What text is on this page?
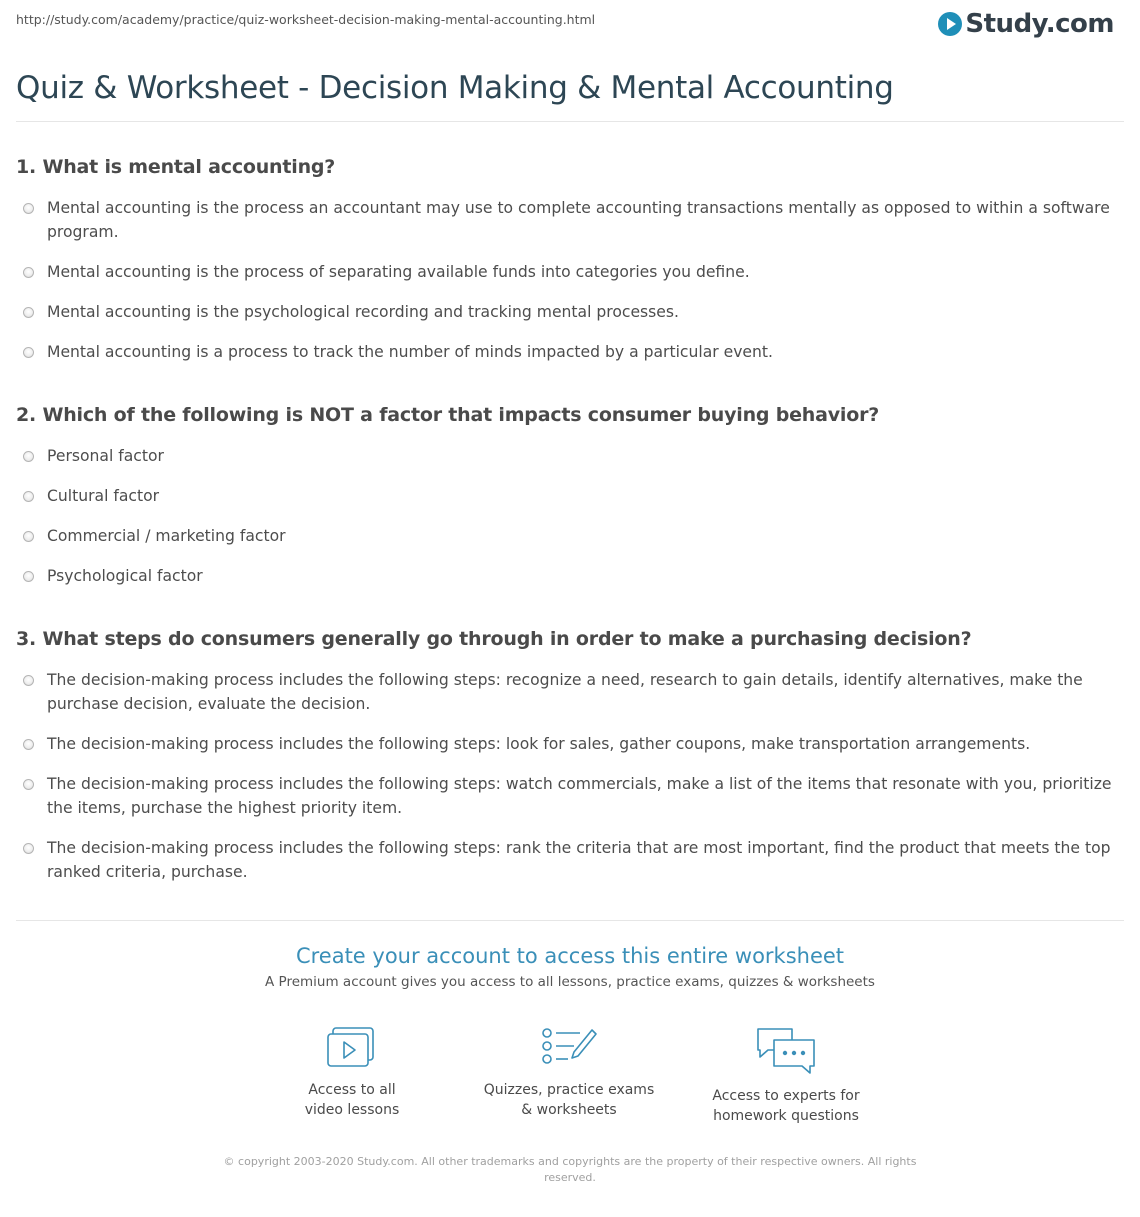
http://study.com/academy/practice/quiz-worksheet-decision-making-mental-accounting.html	Study.com
Quiz & Worksheet - Decision Making & Mental Accounting
1. What is mental accounting?
Mental accounting is the process an accountant may use to complete accounting transactions mentally as opposed to within a software program.
Mental accounting is the process of separating available funds into categories you define.
Mental accounting is the psychological recording and tracking mental processes.
Mental accounting is a process to track the number of minds impacted by a particular event.
2. Which of the following is NOT a factor that impacts consumer buying behavior?
Personal factor
Cultural factor
Commercial / marketing factor
Psychological factor
3. What steps do consumers generally go through in order to make a purchasing decision?
The decision-making process includes the following steps: recognize a need, research to gain details, identify alternatives, make the purchase decision, evaluate the decision.
The decision-making process includes the following steps: look for sales, gather coupons, make transportation arrangements.
The decision-making process includes the following steps: watch commercials, make a list of the items that resonate with you, prioritize the items, purchase the highest priority item.
The decision-making process includes the following steps: rank the criteria that are most important, find the product that meets the top ranked criteria, purchase.
Create your account to access this entire worksheet
A Premium account gives you access to all lessons, practice exams, quizzes & worksheets
Access to all
video lessons
Quizzes, practice exams
& worksheets
Access to experts for
homework questions
© copyright 2003-2020 Study.com. All other trademarks and copyrights are the property of their respective owners. All rights
reserved.
